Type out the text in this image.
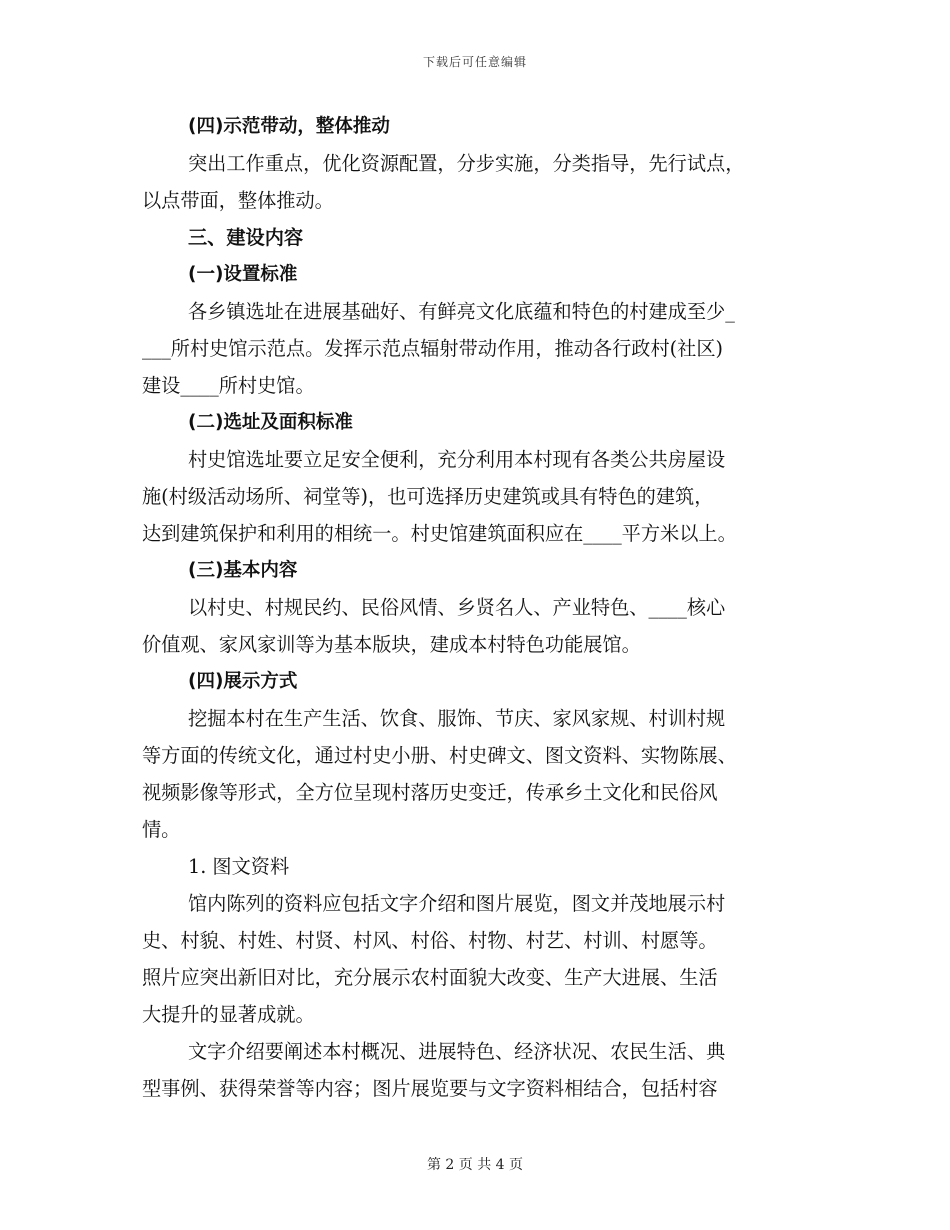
下载后可任意编辑
(四)示范带动，整体推动
突出工作重点，优化资源配置，分步实施，分类指导，先行试点，
以点带面，整体推动。
三、建设内容
(一)设置标准
各乡镇选址在进展基础好、有鲜亮文化底蕴和特色的村建成至少_
___所村史馆示范点。发挥示范点辐射带动作用，推动各行政村(社区)
建设____所村史馆。
(二)选址及面积标准
村史馆选址要立足安全便利，充分利用本村现有各类公共房屋设
施(村级活动场所、祠堂等)，也可选择历史建筑或具有特色的建筑，
达到建筑保护和利用的相统一。村史馆建筑面积应在____平方米以上。
(三)基本内容
以村史、村规民约、民俗风情、乡贤名人、产业特色、____核心
价值观、家风家训等为基本版块，建成本村特色功能展馆。
(四)展示方式
挖掘本村在生产生活、饮食、服饰、节庆、家风家规、村训村规
等方面的传统文化，通过村史小册、村史碑文、图文资料、实物陈展、
视频影像等形式，全方位呈现村落历史变迁，传承乡土文化和民俗风
情。
1. 图文资料
馆内陈列的资料应包括文字介绍和图片展览，图文并茂地展示村
史、村貌、村姓、村贤、村风、村俗、村物、村艺、村训、村愿等。
照片应突出新旧对比，充分展示农村面貌大改变、生产大进展、生活
大提升的显著成就。
文字介绍要阐述本村概况、进展特色、经济状况、农民生活、典
型事例、获得荣誉等内容；图片展览要与文字资料相结合，包括村容
第 2 页 共 4 页
